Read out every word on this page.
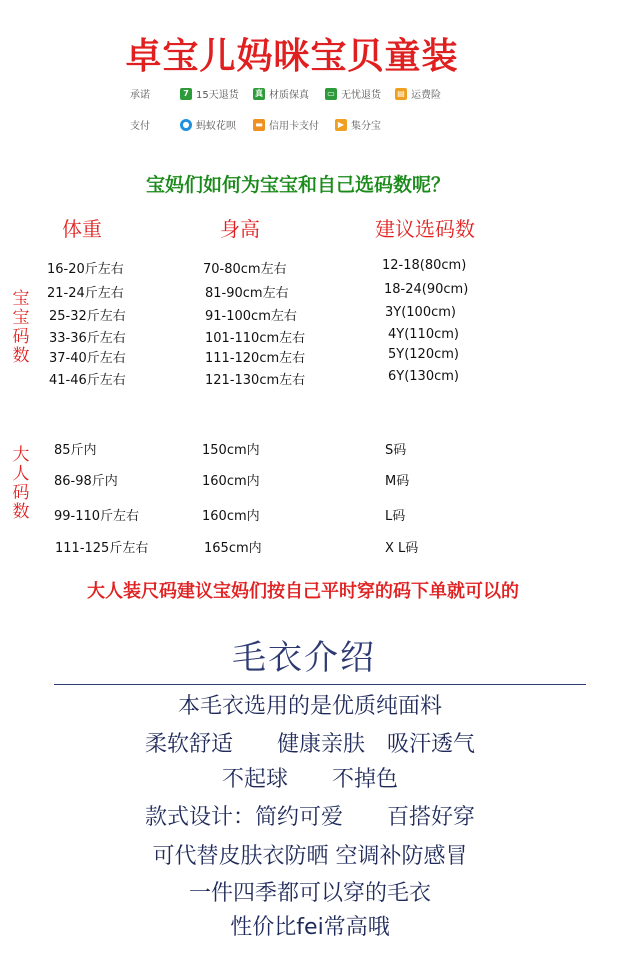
卓宝儿妈咪宝贝童装
承诺	7 15天退货 真 材质保真 ▭ 无忧退货 ▤ 运费险
支付	● 蚂蚁花呗 ▬ 信用卡支付	▶ 集分宝
宝妈们如何为宝宝和自己选码数呢？
体重	身高	建议选码数
宝宝码数
16-20斤左右	70-80cm左右	12-18(80cm)
21-24斤左右	81-90cm左右	18-24(90cm)
25-32斤左右	91-100cm左右	3Y(100cm)
33-36斤左右	101-110cm左右	4Y(110cm)
37-40斤左右	111-120cm左右	5Y(120cm)
41-46斤左右	121-130cm左右	6Y(130cm)
大人码数
85斤内	150cm内	S码
86-98斤内	160cm内	M码
99-110斤左右	160cm内	L码
111-125斤左右	165cm内	X L码
大人装尺码建议宝妈们按自己平时穿的码下单就可以的
毛衣介绍
本毛衣选用的是优质纯面料
柔软舒适　　健康亲肤　吸汗透气
不起球　　不掉色
款式设计：简约可爱　　百搭好穿
可代替皮肤衣防晒 空调补防感冒
一件四季都可以穿的毛衣
性价比fei常高哦
